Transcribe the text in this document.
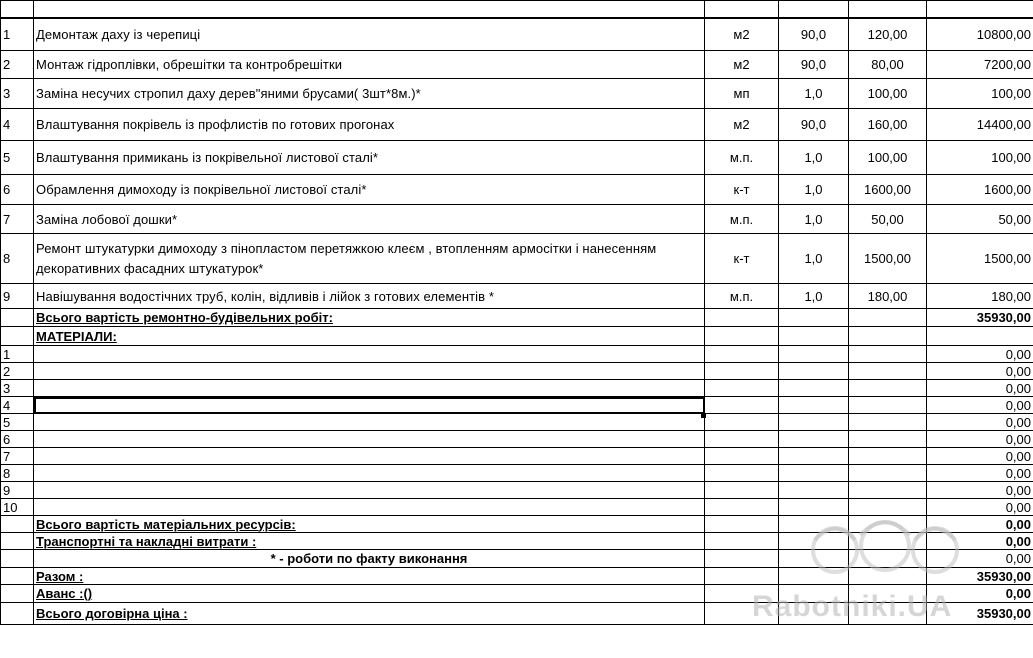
1	Демонтаж даху із черепиці	м2	90,0	120,00	10800,00
2	Монтаж гідроплівки, обрешітки та контробрешітки	м2	90,0	80,00	7200,00
3	Заміна несучих стропил даху дерев"яними брусами( 3шт*8м.)*	мп	1,0	100,00	100,00
4	Влаштування покрівель із профлистів по готових прогонах	м2	90,0	160,00	14400,00
5	Влаштування примикань із покрівельної листової сталі*	м.п.	1,0	100,00	100,00
6	Обрамлення димоходу із покрівельної листової сталі*	к-т	1,0	1600,00	1600,00
7	Заміна лобової дошки*	м.п.	1,0	50,00	50,00
8	Ремонт штукатурки димоходу з пінопластом перетяжкою клеєм , втопленням армосітки і нанесенням декоративних фасадних штукатурок*	к-т	1,0	1500,00	1500,00
9	Навішування водостічних труб, колін, відливів і лійок з готових елементів *	м.п.	1,0	180,00	180,00
	Всього вартість ремонтно-будівельних робіт:				35930,00
	МАТЕРІАЛИ:				
1					0,00
2					0,00
3					0,00
4					0,00
5					0,00
6					0,00
7					0,00
8					0,00
9					0,00
10					0,00
	Всього вартість матеріальних ресурсів:				0,00
	Транспортні та накладні витрати :				0,00
	* - роботи по факту виконання				0,00
	Разом :				35930,00
	Аванс :()				0,00
	Всього договірна ціна :				35930,00
Rabotniki.UA
